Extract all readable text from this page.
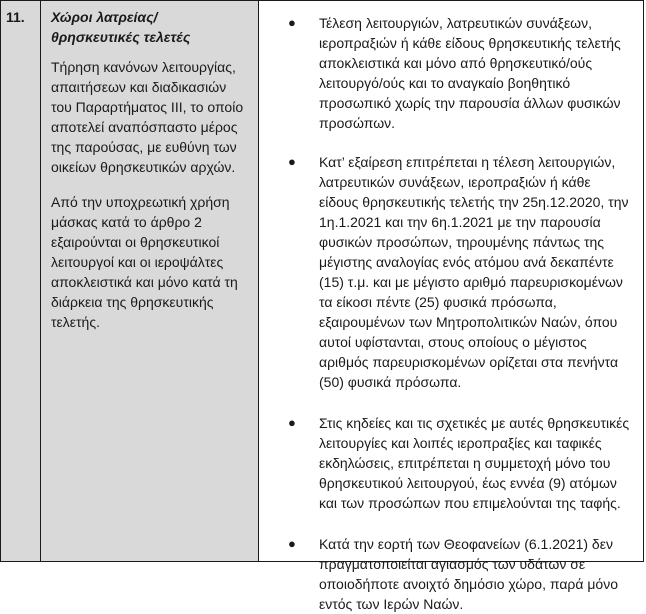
11.	Χώροι λατρείας/θρησκευτικές τελετές

Τήρηση κανόνων λειτουργίας, απαιτήσεων και διαδικασιών του Παραρτήματος ΙΙΙ, το οποίο αποτελεί αναπόσπαστο μέρος της παρούσας, με ευθύνη των οικείων θρησκευτικών αρχών.

Από την υποχρεωτική χρήση μάσκας κατά το άρθρο 2 εξαιρούνται οι θρησκευτικοί λειτουργοί και οι ιεροψάλτες αποκλειστικά και μόνο κατά τη διάρκεια της θρησκευτικής τελετής.

● Τέλεση λειτουργιών, λατρευτικών συνάξεων, ιεροπραξιών ή κάθε είδους θρησκευτικής τελετής αποκλειστικά και μόνο από θρησκευτικό/ούς λειτουργό/ούς και το αναγκαίο βοηθητικό προσωπικό χωρίς την παρουσία άλλων φυσικών προσώπων.
● Κατ’ εξαίρεση επιτρέπεται η τέλεση λειτουργιών, λατρευτικών συνάξεων, ιεροπραξιών ή κάθε είδους θρησκευτικής τελετής την 25η.12.2020, την 1η.1.2021 και την 6η.1.2021 με την παρουσία φυσικών προσώπων, τηρουμένης πάντως της μέγιστης αναλογίας ενός ατόμου ανά δεκαπέντε (15) τ.μ. και με μέγιστο αριθμό παρευρισκομένων τα είκοσι πέντε (25) φυσικά πρόσωπα, εξαιρουμένων των Μητροπολιτικών Ναών, όπου αυτοί υφίστανται, στους οποίους ο μέγιστος αριθμός παρευρισκομένων ορίζεται στα πενήντα (50) φυσικά πρόσωπα.
● Στις κηδείες και τις σχετικές με αυτές θρησκευτικές λειτουργίες και λοιπές ιεροπραξίες και ταφικές εκδηλώσεις, επιτρέπεται η συμμετοχή μόνο του θρησκευτικού λειτουργού, έως εννέα (9) ατόμων και των προσώπων που επιμελούνται της ταφής.
● Κατά την εορτή των Θεοφανείων (6.1.2021) δεν πραγματοποιείται αγιασμός των υδάτων σε οποιοδήποτε ανοιχτό δημόσιο χώρο, παρά μόνο εντός των Ιερών Ναών.
